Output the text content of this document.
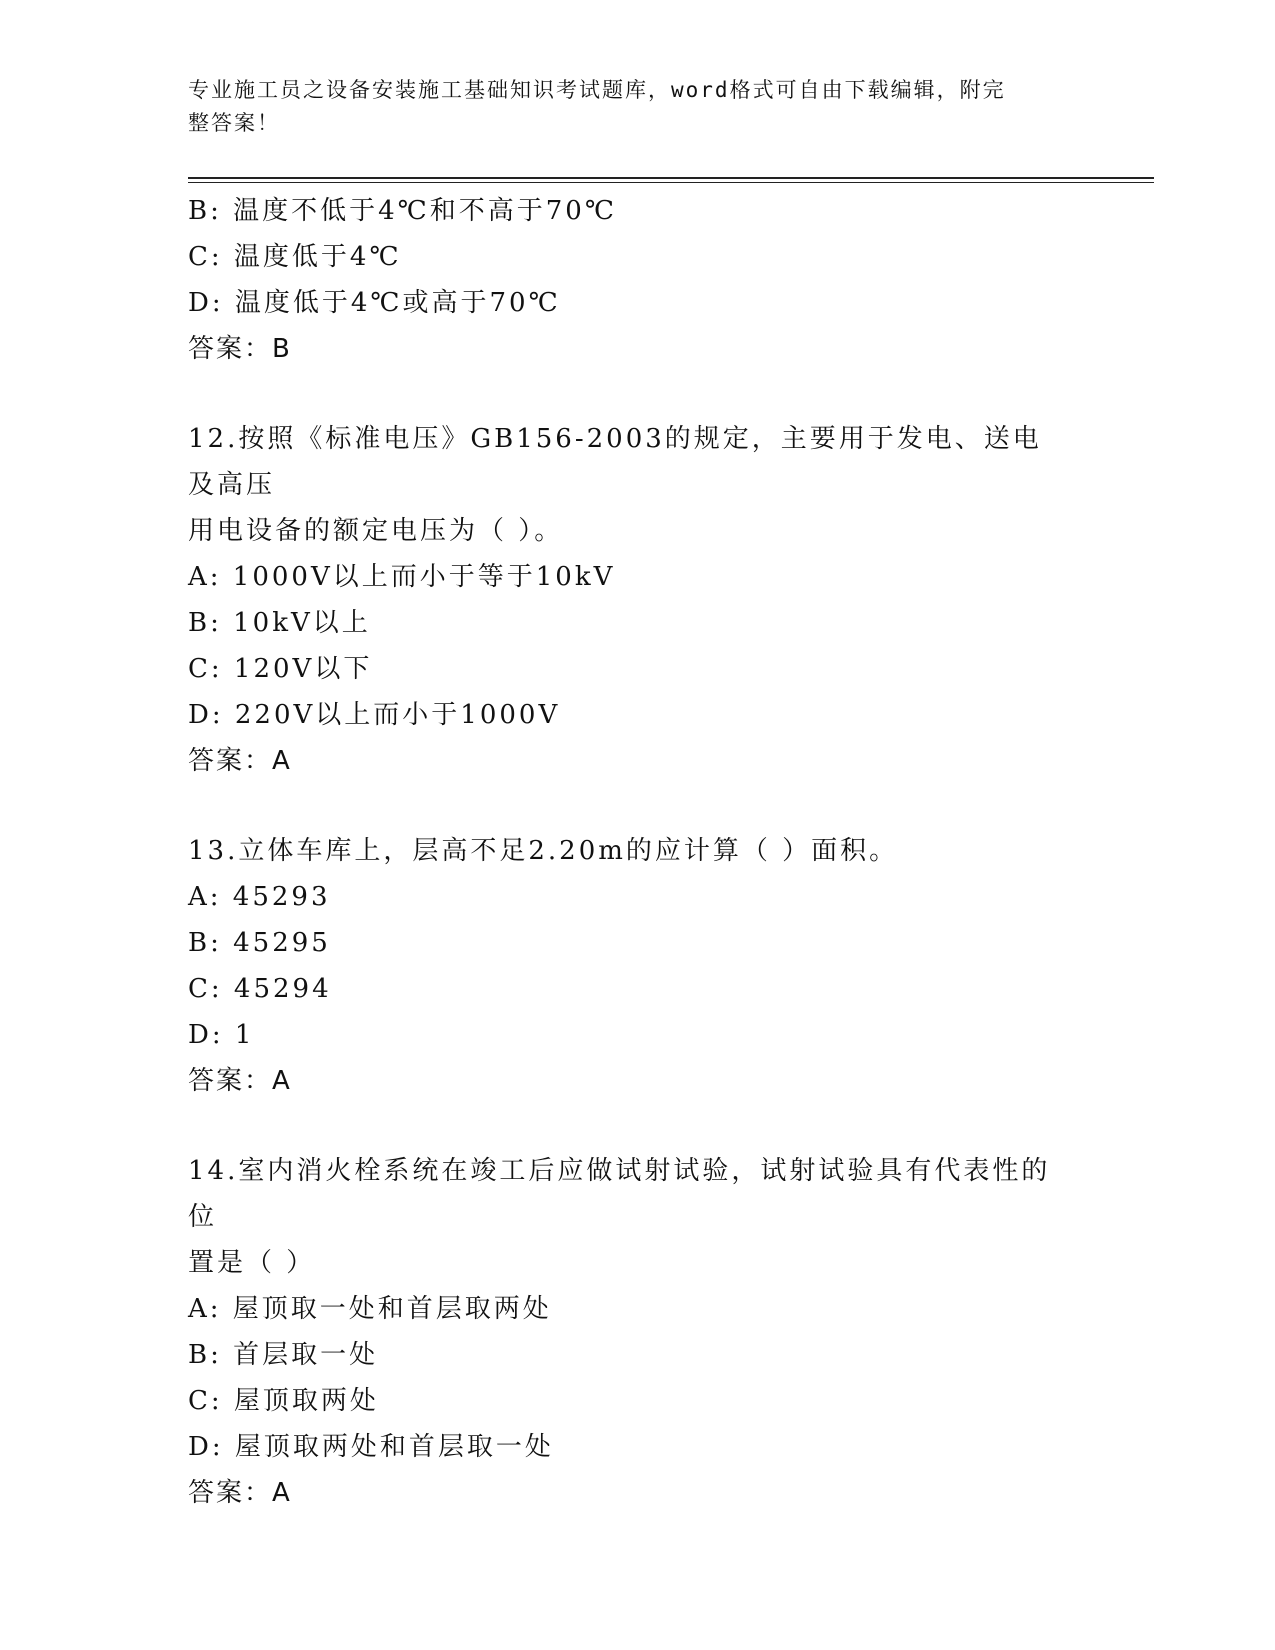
专业施工员之设备安装施工基础知识考试题库，word格式可自由下载编辑，附完
整答案！
B: 温度不低于4℃和不高于70℃
C: 温度低于4℃
D: 温度低于4℃或高于70℃
答案：B
12.按照《标准电压》GB156-2003的规定，主要用于发电、送电及高压
用电设备的额定电压为（ ）。
A: 1000V以上而小于等于10kV
B: 10kV以上
C: 120V以下
D: 220V以上而小于1000V
答案：A
13.立体车库上，层高不足2.20m的应计算（ ）面积。
A: 45293
B: 45295
C: 45294
D: 1
答案：A
14.室内消火栓系统在竣工后应做试射试验，试射试验具有代表性的位
置是（ ）
A: 屋顶取一处和首层取两处
B: 首层取一处
C: 屋顶取两处
D: 屋顶取两处和首层取一处
答案：A
